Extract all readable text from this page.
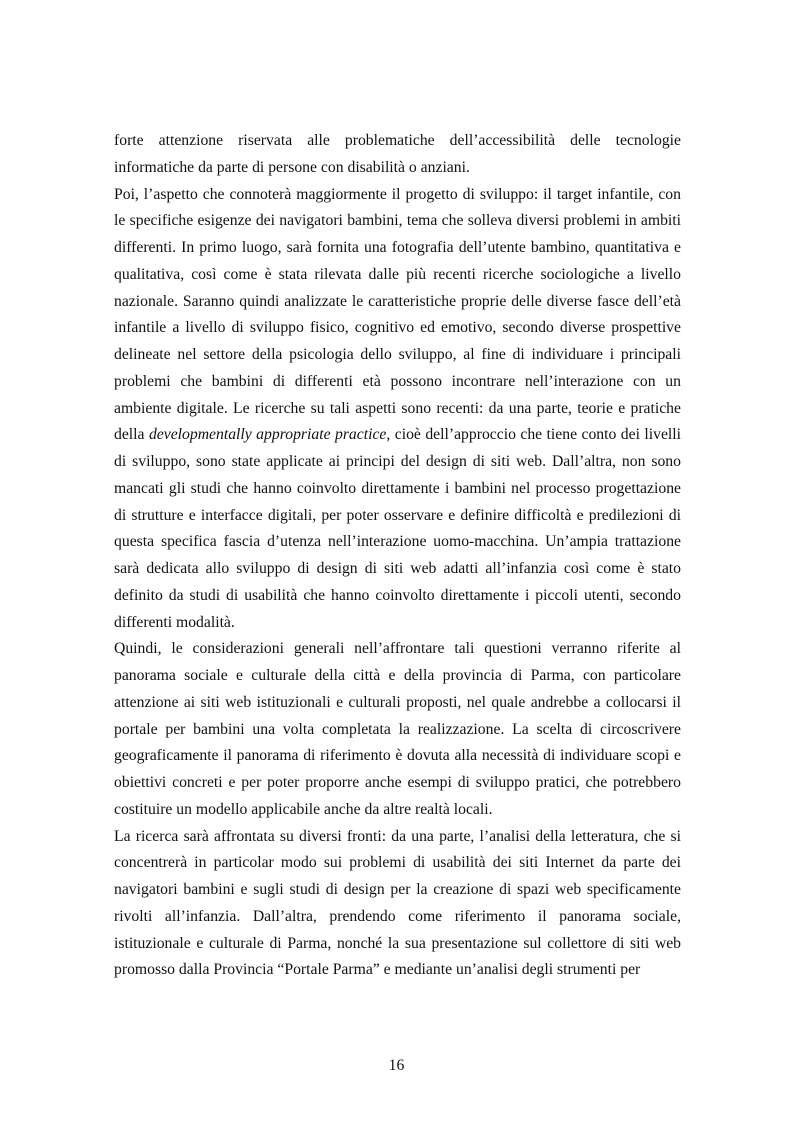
forte attenzione riservata alle problematiche dell’accessibilità delle tecnologie informatiche da parte di persone con disabilità o anziani.

Poi, l’aspetto che connoterà maggiormente il progetto di sviluppo: il target infantile, con le specifiche esigenze dei navigatori bambini, tema che solleva diversi problemi in ambiti differenti. In primo luogo, sarà fornita una fotografia dell’utente bambino, quantitativa e qualitativa, così come è stata rilevata dalle più recenti ricerche sociologiche a livello nazionale. Saranno quindi analizzate le caratteristiche proprie delle diverse fasce dell’età infantile a livello di sviluppo fisico, cognitivo ed emotivo, secondo diverse prospettive delineate nel settore della psicologia dello sviluppo, al fine di individuare i principali problemi che bambini di differenti età possono incontrare nell’interazione con un ambiente digitale. Le ricerche su tali aspetti sono recenti: da una parte, teorie e pratiche della developmentally appropriate practice, cioè dell’approccio che tiene conto dei livelli di sviluppo, sono state applicate ai principi del design di siti web. Dall’altra, non sono mancati gli studi che hanno coinvolto direttamente i bambini nel processo progettazione di strutture e interfacce digitali, per poter osservare e definire difficoltà e predilezioni di questa specifica fascia d’utenza nell’interazione uomo-macchina. Un’ampia trattazione sarà dedicata allo sviluppo di design di siti web adatti all’infanzia così come è stato definito da studi di usabilità che hanno coinvolto direttamente i piccoli utenti, secondo differenti modalità.

Quindi, le considerazioni generali nell’affrontare tali questioni verranno riferite al panorama sociale e culturale della città e della provincia di Parma, con particolare attenzione ai siti web istituzionali e culturali proposti, nel quale andrebbe a collocarsi il portale per bambini una volta completata la realizzazione. La scelta di circoscrivere geograficamente il panorama di riferimento è dovuta alla necessità di individuare scopi e obiettivi concreti e per poter proporre anche esempi di sviluppo pratici, che potrebbero costituire un modello applicabile anche da altre realtà locali.

La ricerca sarà affrontata su diversi fronti: da una parte, l’analisi della letteratura, che si concentrerà in particolar modo sui problemi di usabilità dei siti Internet da parte dei navigatori bambini e sugli studi di design per la creazione di spazi web specificamente rivolti all’infanzia. Dall’altra, prendendo come riferimento il panorama sociale, istituzionale e culturale di Parma, nonché la sua presentazione sul collettore di siti web promosso dalla Provincia “Portale Parma” e mediante un’analisi degli strumenti per

16
